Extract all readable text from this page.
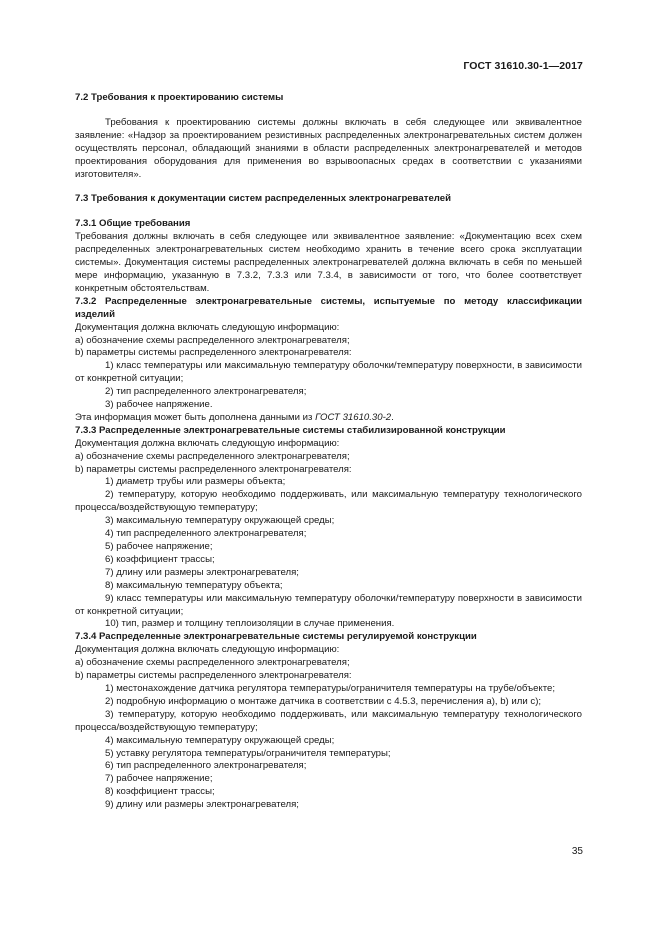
ГОСТ 31610.30-1—2017

7.2 Требования к проектированию системы

Требования к проектированию системы должны включать в себя следующее или эквивалентное заявление: «Надзор за проектированием резистивных распределенных электронагревательных систем должен осуществлять персонал, обладающий знаниями в области распределенных электронагревателей и методов проектирования оборудования для применения во взрывоопасных средах в соответствии с указаниями изготовителя».

7.3 Требования к документации систем распределенных электронагревателей

7.3.1 Общие требования

Требования должны включать в себя следующее или эквивалентное заявление: «Документацию всех схем распределенных электронагревательных систем необходимо хранить в течение всего срока эксплуатации системы». Документация системы распределенных электронагревателей должна включать в себя по меньшей мере информацию, указанную в 7.3.2, 7.3.3 или 7.3.4, в зависимости от того, что более соответствует конкретным обстоятельствам.

7.3.2 Распределенные электронагревательные системы, испытуемые по методу классификации изделий

Документация должна включать следующую информацию:

а) обозначение схемы распределенного электронагревателя;

b) параметры системы распределенного электронагревателя:

1) класс температуры или максимальную температуру оболочки/температуру поверхности, в зависимости от конкретной ситуации;

2) тип распределенного электронагревателя;

3) рабочее напряжение.

Эта информация может быть дополнена данными из ГОСТ 31610.30-2.

7.3.3 Распределенные электронагревательные системы стабилизированной конструкции

Документация должна включать следующую информацию:

а) обозначение схемы распределенного электронагревателя;

b) параметры системы распределенного электронагревателя:

1) диаметр трубы или размеры объекта;

2) температуру, которую необходимо поддерживать, или максимальную температуру технологического процесса/воздействующую температуру;

3) максимальную температуру окружающей среды;

4) тип распределенного электронагревателя;

5) рабочее напряжение;

6) коэффициент трассы;

7) длину или размеры электронагревателя;

8) максимальную температуру объекта;

9) класс температуры или максимальную температуру оболочки/температуру поверхности в зависимости от конкретной ситуации;

10) тип, размер и толщину теплоизоляции в случае применения.

7.3.4 Распределенные электронагревательные системы регулируемой конструкции

Документация должна включать следующую информацию:

а) обозначение схемы распределенного электронагревателя;

b) параметры системы распределенного электронагревателя:

1) местонахождение датчика регулятора температуры/ограничителя температуры на трубе/объекте;

2) подробную информацию о монтаже датчика в соответствии с 4.5.3, перечисления а), b) или с);

3) температуру, которую необходимо поддерживать, или максимальную температуру технологического процесса/воздействующую температуру;

4) максимальную температуру окружающей среды;

5) уставку регулятора температуры/ограничителя температуры;

6) тип распределенного электронагревателя;

7) рабочее напряжение;

8) коэффициент трассы;

9) длину или размеры электронагревателя;

35
